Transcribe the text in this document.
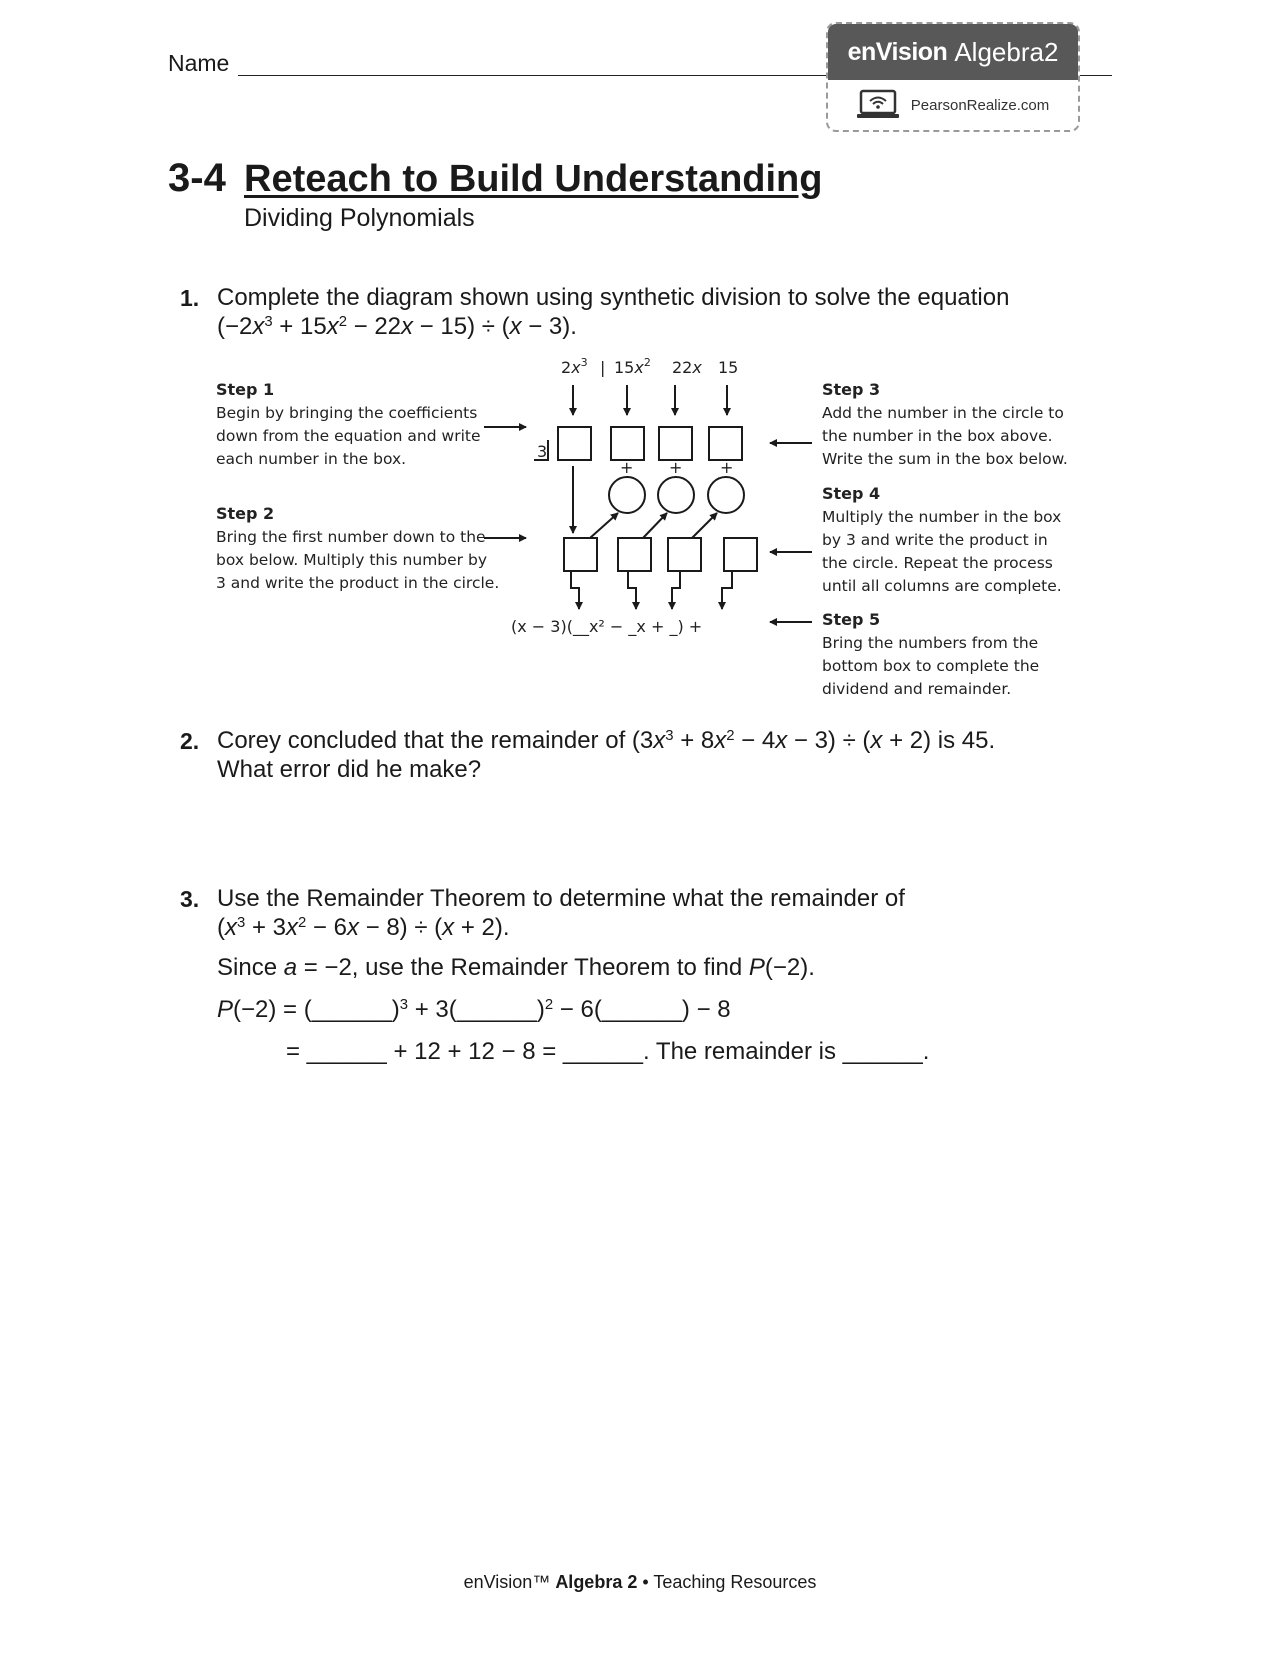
Name	enVision Algebra2
PearsonRealize.com
3-4 Reteach to Build Understanding
Dividing Polynomials
1. Complete the diagram shown using synthetic division to solve the equation
$(-2x^3 + 15x^2 - 22x - 15) \div (x - 3)$.
Step 1
Begin by bringing the coefficients
down from the equation and write
each number in the box.
Step 2
Bring the first number down to the
box below. Multiply this number by
3 and write the product in the circle.
Step 3
Add the number in the circle to
the number in the box above.
Write the sum in the box below.
Step 4
Multiply the number in the box
by 3 and write the product in
the circle. Repeat the process
until all columns are complete.
Step 5
Bring the numbers from the
bottom box to complete the
dividend and remainder.
$2x^3$ | $15x^2$ 22x 15
3
+ + +
(x − 3)(__x² − _x + _) +
2. Corey concluded that the remainder of $(3x^3 + 8x^2 - 4x - 3) \div (x + 2)$ is 45.
What error did he make?
3. Use the Remainder Theorem to determine what the remainder of
$(x^3 + 3x^2 - 6x - 8) \div (x + 2)$.
Since a = −2, use the Remainder Theorem to find P(−2).
P(−2) = (______)$^3$ + 3(______)$^2$ − 6(______) − 8
= ______ + 12 + 12 − 8 = ______. The remainder is ______.
enVision™ Algebra 2 • Teaching Resources
